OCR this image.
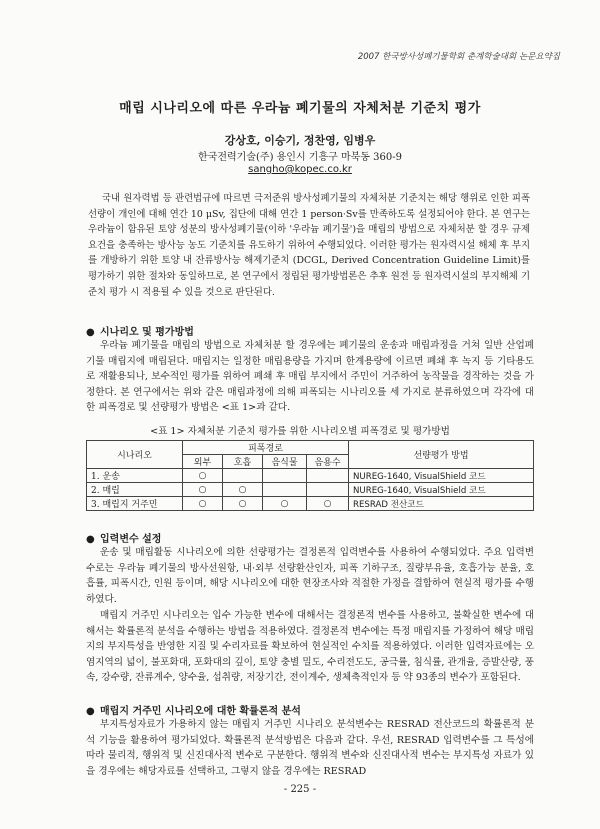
2007 한국방사성폐기물학회 춘계학술대회 논문요약집
매립 시나리오에 따른 우라늄 폐기물의 자체처분 기준치 평가
강상호, 이승기, 정찬영, 임병우
한국전력기술(주) 용인시 기흥구 마북동 360-9
sangho@kopec.co.kr

국내 원자력법 등 관련법규에 따르면 극저준위 방사성폐기물의 자체처분 기준치는 해당 행위로 인한 피폭선량이 개인에 대해 연간 10 μSv, 집단에 대해 연간 1 person·Sv를 만족하도록 설정되어야 한다. 본 연구는 우라늄이 함유된 토양 성분의 방사성폐기물(이하 '우라늄 폐기물')을 매립의 방법으로 자체처분 할 경우 규제요건을 충족하는 방사능 농도 기준치를 유도하기 위하여 수행되었다. 이러한 평가는 원자력시설 해체 후 부지를 개방하기 위한 토양 내 잔류방사능 해제기준치 (DCGL, Derived Concentration Guideline Limit)를 평가하기 위한 절차와 동일하므로, 본 연구에서 정립된 평가방법론은 추후 원전 등 원자력시설의 부지해체 기준치 평가 시 적용될 수 있을 것으로 판단된다.

● 시나리오 및 평가방법

우라늄 폐기물을 매립의 방법으로 자체처분 할 경우에는 폐기물의 운송과 매립과정을 거쳐 일반 산업폐기물 매립지에 매립된다. 매립지는 일정한 매립용량을 가지며 한계용량에 이르면 폐쇄 후 녹지 등 기타용도로 재활용되나, 보수적인 평가를 위하여 폐쇄 후 매립 부지에서 주민이 거주하여 농작물을 경작하는 것을 가정한다. 본 연구에서는 위와 같은 매립과정에 의해 피폭되는 시나리오를 세 가지로 분류하였으며 각각에 대한 피폭경로 및 선량평가 방법은 <표 1>과 같다.

<표 1> 자체처분 기준치 평가를 위한 시나리오별 피폭경로 및 평가방법
시나리오	피폭경로				선량평가 방법
	외부	호흡	음식물	음용수	
1. 운송	○				NUREG-1640, VisualShield 코드
2. 매립	○	○			NUREG-1640, VisualShield 코드
3. 매립지 거주민	○	○	○	○	RESRAD 전산코드

● 입력변수 설정

운송 및 매립활동 시나리오에 의한 선량평가는 결정론적 입력변수를 사용하여 수행되었다. 주요 입력변수로는 우라늄 폐기물의 방사선원항, 내·외부 선량환산인자, 피폭 기하구조, 질량부유율, 호흡가능 분율, 호흡률, 피폭시간, 인원 등이며, 해당 시나리오에 대한 현장조사와 적절한 가정을 결합하여 현실적 평가를 수행하였다.

매립지 거주민 시나리오는 입수 가능한 변수에 대해서는 결정론적 변수를 사용하고, 불확실한 변수에 대해서는 확률론적 분석을 수행하는 방법을 적용하였다. 결정론적 변수에는 특정 매립지를 가정하여 해당 매립지의 부지특성을 반영한 지질 및 수리자료를 확보하여 현실적인 수치를 적용하였다. 이러한 입력자료에는 오염지역의 넓이, 불포화대, 포화대의 깊이, 토양 충별 밀도, 수리전도도, 공극률, 침식률, 관개율, 증발산량, 풍속, 강수량, 잔류계수, 양수율, 섭취량, 저장기간, 전이계수, 생체축적인자 등 약 93종의 변수가 포함된다.

● 매립지 거주민 시나리오에 대한 확률론적 분석

부지특성자료가 가용하지 않는 매립지 거주민 시나리오 분석변수는 RESRAD 전산코드의 확률론적 분석 기능을 활용하여 평가되었다. 확률론적 분석방법은 다음과 같다. 우선, RESRAD 입력변수를 그 특성에 따라 물리적, 행위적 및 신진대사적 변수로 구분한다. 행위적 변수와 신진대사적 변수는 부지특성 자료가 있을 경우에는 해당자료를 선택하고, 그렇지 않을 경우에는 RESRAD

- 225 -
